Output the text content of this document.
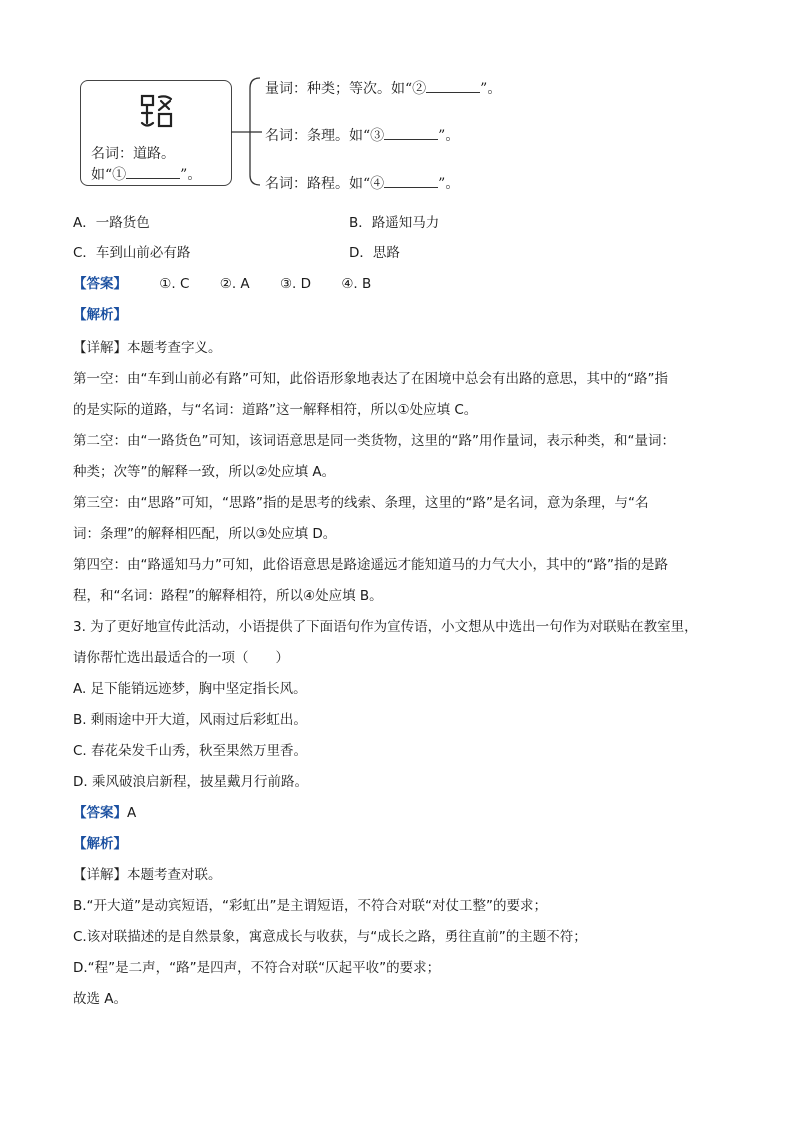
名词：道路。
如“①	”。
量词：种类；等次。如“②	”。
名词：条理。如“③	”。
名词：路程。如“④	”。
A．一路货色	B．路遥知马力
C．车到山前必有路	D．思路
【答案】 ①. C ②. A ③. D ④. B
【解析】
【详解】本题考查字义。
第一空：由“车到山前必有路”可知，此俗语形象地表达了在困境中总会有出路的意思，其中的“路”指
的是实际的道路，与“名词：道路”这一解释相符，所以①处应填 C。
第二空：由“一路货色”可知，该词语意思是同一类货物，这里的“路”用作量词，表示种类，和“量词：
种类；次等”的解释一致，所以②处应填 A。
第三空：由“思路”可知，“思路”指的是思考的线索、条理，这里的“路”是名词，意为条理，与“名
词：条理”的解释相匹配，所以③处应填 D。
第四空：由“路遥知马力”可知，此俗语意思是路途遥远才能知道马的力气大小，其中的“路”指的是路
程，和“名词：路程”的解释相符，所以④处应填 B。
3. 为了更好地宣传此活动，小语提供了下面语句作为宣传语，小文想从中选出一句作为对联贴在教室里，
请你帮忙选出最适合的一项（　　）
A. 足下能销远迹梦，胸中坚定指长风。
B. 剩雨途中开大道，风雨过后彩虹出。
C. 春花朵发千山秀，秋至果然万里香。
D. 乘风破浪启新程，披星戴月行前路。
【答案】A
【解析】
【详解】本题考查对联。
B.“开大道”是动宾短语，“彩虹出”是主谓短语，不符合对联“对仗工整”的要求；
C.该对联描述的是自然景象，寓意成长与收获，与“成长之路，勇往直前”的主题不符；
D.“程”是二声，“路”是四声，不符合对联“仄起平收”的要求；
故选 A。
